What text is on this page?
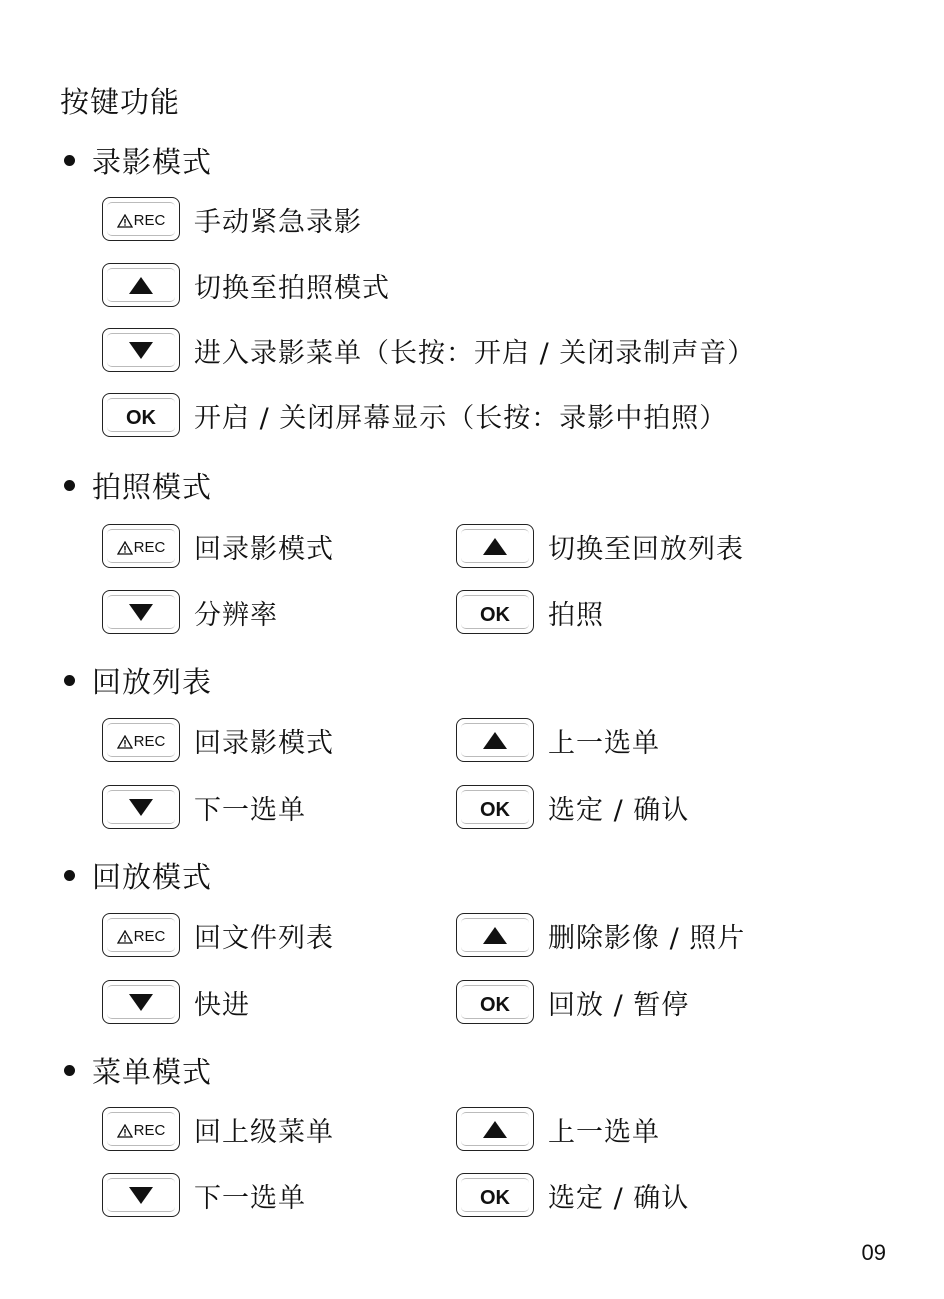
按键功能
录影模式
REC 手动紧急录影
切换至拍照模式
进入录影菜单（长按：开启 / 关闭录制声音）
OK 开启 / 关闭屏幕显示（长按：录影中拍照）
拍照模式
REC 回录影模式	切换至回放列表
分辨率	OK 拍照
回放列表
REC 回录影模式	上一选单
下一选单	OK 选定 / 确认
回放模式
REC 回文件列表	删除影像 / 照片
快进	OK 回放 / 暂停
菜单模式
REC 回上级菜单	上一选单
下一选单	OK 选定 / 确认
09
